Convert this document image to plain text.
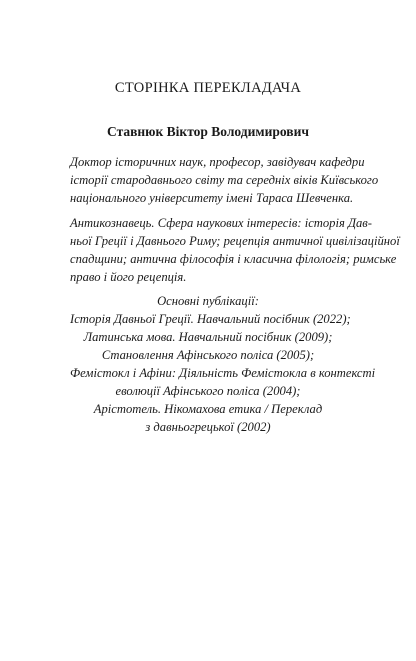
СТОРІНКА ПЕРЕКЛАДАЧА
Ставнюк Віктор Володимирович
Доктор історичних наук, професор, завідувач кафедри
історії стародавнього світу та середніх віків Київського
національного університету імені Тараса Шевченка.
Антикознавець. Сфера наукових інтересів: історія Дав-
ньої Греції і Давнього Риму; рецепція античної цивілізаційної
спадщини; антична філософія і класична філологія; римське
право і його рецепція.
Основні публікації:
Історія Давньої Греції. Навчальний посібник (2022);
Латинська мова. Навчальний посібник (2009);
Становлення Афінського поліса (2005);
Фемістокл і Афіни: Діяльність Фемістокла в контексті
еволюції Афінського поліса (2004);
Арістотель. Нікомахова етика / Переклад
з давньогрецької (2002)
